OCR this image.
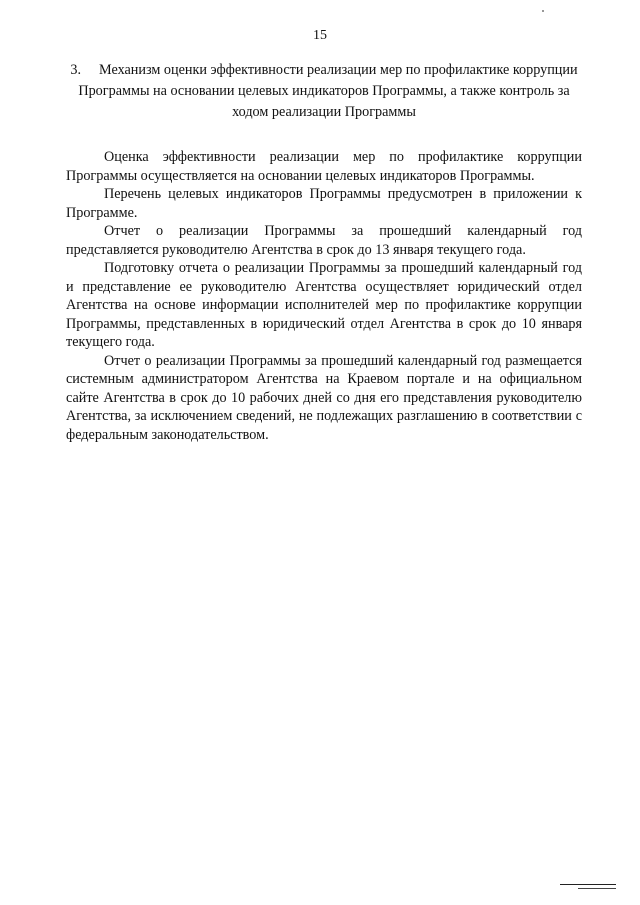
15
3. Механизм оценки эффективности реализации мер по профилактике коррупции Программы на основании целевых индикаторов Программы, а также контроль за ходом реализации Программы

Оценка эффективности реализации мер по профилактике коррупции Программы осуществляется на основании целевых индикаторов Программы.

Перечень целевых индикаторов Программы предусмотрен в приложении к Программе.

Отчет о реализации Программы за прошедший календарный год представляется руководителю Агентства в срок до 13 января текущего года.

Подготовку отчета о реализации Программы за прошедший календарный год и представление ее руководителю Агентства осуществляет юридический отдел Агентства на основе информации исполнителей мер по профилактике коррупции Программы, представленных в юридический отдел Агентства в срок до 10 января текущего года.

Отчет о реализации Программы за прошедший календарный год размещается системным администратором Агентства на Краевом портале и на официальном сайте Агентства в срок до 10 рабочих дней со дня его представления руководителю Агентства, за исключением сведений, не подлежащих разглашению в соответствии с федеральным законодательством.
